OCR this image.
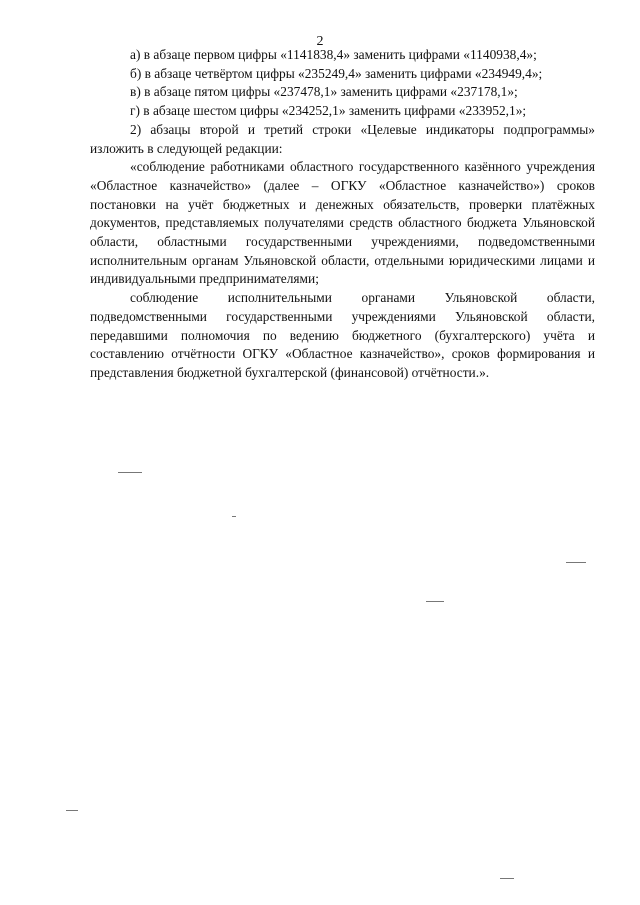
2

а) в абзаце первом цифры «1141838,4» заменить цифрами «1140938,4»;

б) в абзаце четвёртом цифры «235249,4» заменить цифрами «234949,4»;

в) в абзаце пятом цифры «237478,1» заменить цифрами «237178,1»;

г) в абзаце шестом цифры «234252,1» заменить цифрами «233952,1»;

2) абзацы второй и третий строки «Целевые индикаторы подпрограммы» изложить в следующей редакции:

«соблюдение работниками областного государственного казённого учреждения «Областное казначейство» (далее – ОГКУ «Областное казначейство») сроков постановки на учёт бюджетных и денежных обязательств, проверки платёжных документов, представляемых получателями средств областного бюджета Ульяновской области, областными государственными учреждениями, подведомственными исполнительным органам Ульяновской области, отдельными юридическими лицами и индивидуальными предпринимателями;

соблюдение исполнительными органами Ульяновской области, подведомственными государственными учреждениями Ульяновской области, передавшими полномочия по ведению бюджетного (бухгалтерского) учёта и составлению отчётности ОГКУ «Областное казначейство», сроков формирования и представления бюджетной бухгалтерской (финансовой) отчётности.».
